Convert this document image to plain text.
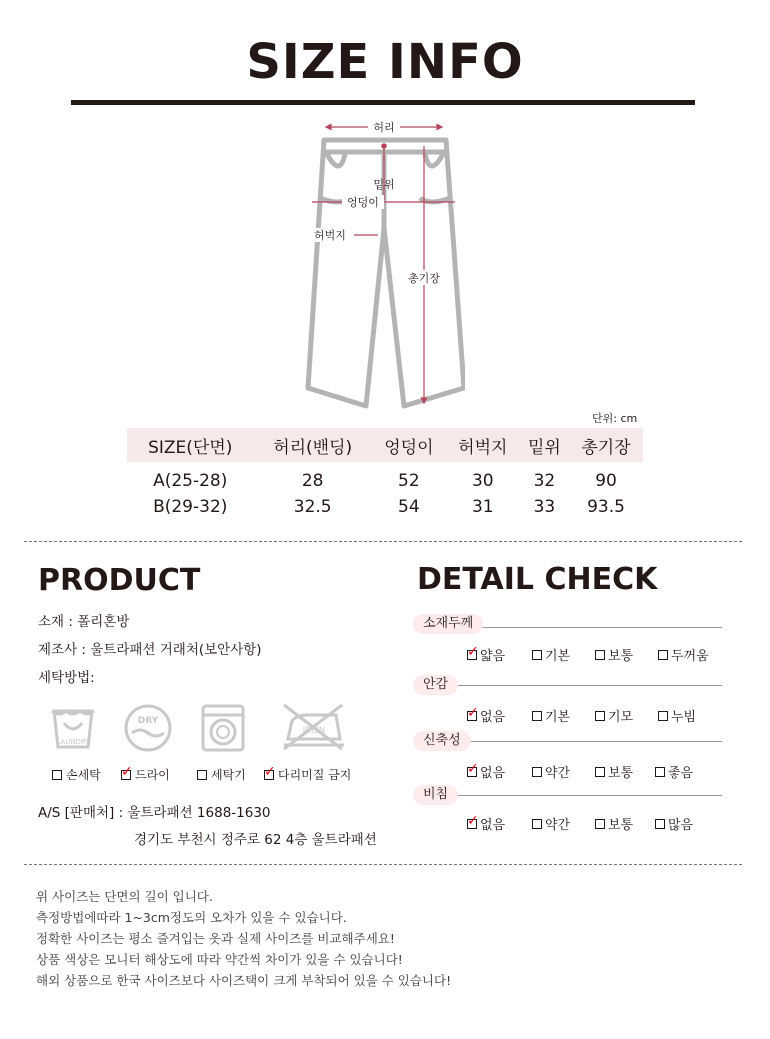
SIZE INFO
허리
밑위
엉덩이
허벅지
총기장
단위: cm
SIZE(단면)	허리(밴딩)	엉덩이	허벅지	밑위	총기장
A(25-28)	28	52	30	32	90
B(29-32)	32.5	54	31	33	93.5
PRODUCT
소재 : 폴리혼방
제조사 : 울트라패션 거래처(보안사항)
세탁방법:
LAUNDRY
DRY
IRON
손세탁 ✓	드라이	세탁기 ✓	다리미질 금지
A/S [판매처] : 울트라패션 1688-1630
경기도 부천시 정주로 62 4층 울트라패션
DETAIL CHECK
소재두께
✓
얇음	기본	보통	두꺼움
안감
✓
없음	기본	기모	누빔
신축성
✓
없음	약간	보통	좋음
비침
✓
없음	약간	보통	많음
위 사이즈는 단면의 길이 입니다.
측정방법에따라 1~3cm정도의 오차가 있을 수 있습니다.
정확한 사이즈는 평소 즐겨입는 옷과 실제 사이즈를 비교해주세요!
상품 색상은 모니터 해상도에 따라 약간씩 차이가 있을 수 있습니다!
해외 상품으로 한국 사이즈보다 사이즈택이 크게 부착되어 있을 수 있습니다!
